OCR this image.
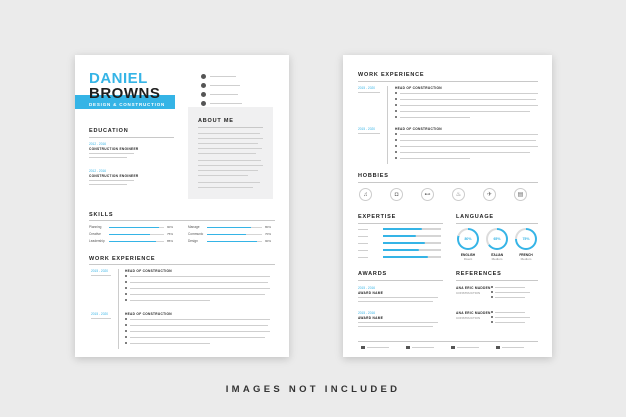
DANIEL
BROWNS
DESIGN & CONSTRUCTION
ABOUT ME
EDUCATION
2012 - 2016
CONSTRUCTION ENGINEER
2012 - 2016
CONSTRUCTION ENGINEER
SKILLS
Planning	90%
Creative	75%
Leadership	85%
Manage	80%
Communic	70%
Design	90%
WORK EXPERIENCE
2015 - 2020	HEAD OF CONSTRUCTION
2015 - 2020	HEAD OF CONSTRUCTION
WORK EXPERIENCE
2015 - 2020	HEAD OF CONSTRUCTION
2015 - 2020	HEAD OF CONSTRUCTION
HOBBIES
♫	◘	⊷	♨	✈	▤
EXPERTISE	LANGUAGE
80%	65%	75%
ENGLISH	ITALIAN	FRENCH
Fluent	Medium	Medium
AWARDS
2015 - 2016
AWARD NAME
2015 - 2016
AWARD NAME
REFERENCES
ANA ERIC MADDEN
CONSTRUCTION
ANA ERIC MADDEN
CONSTRUCTION
IMAGES NOT INCLUDED
